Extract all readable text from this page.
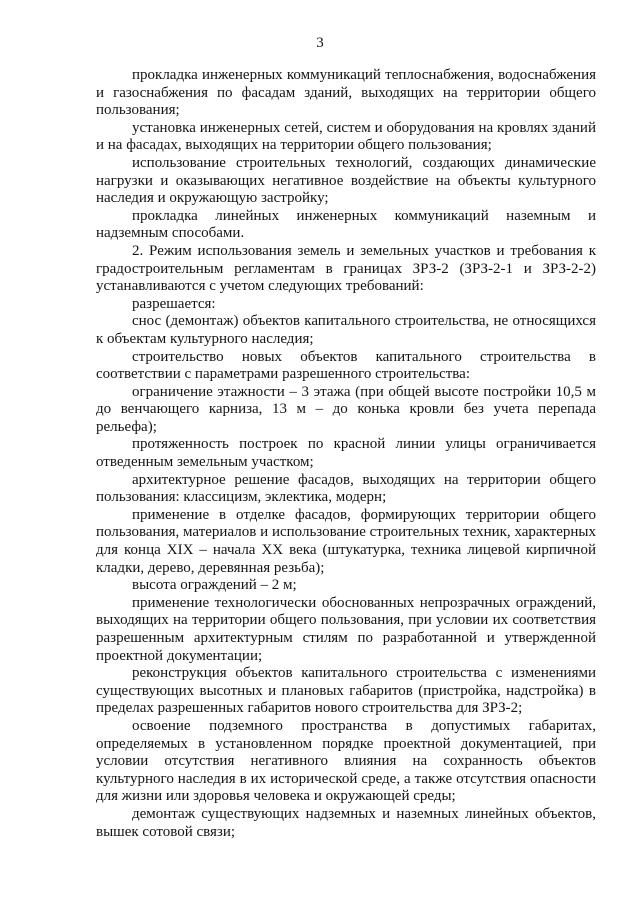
3

прокладка инженерных коммуникаций теплоснабжения, водоснабжения и газоснабжения по фасадам зданий, выходящих на территории общего пользования;

установка инженерных сетей, систем и оборудования на кровлях зданий и на фасадах, выходящих на территории общего пользования;

использование строительных технологий, создающих динамические нагрузки и оказывающих негативное воздействие на объекты культурного наследия и окружающую застройку;

прокладка линейных инженерных коммуникаций наземным и надземным способами.

2. Режим использования земель и земельных участков и требования к градостроительным регламентам в границах ЗРЗ-2 (ЗРЗ-2-1 и ЗРЗ-2-2) устанавливаются с учетом следующих требований:

разрешается:

снос (демонтаж) объектов капитального строительства, не относящихся к объектам культурного наследия;

строительство новых объектов капитального строительства в соответствии с параметрами разрешенного строительства:

ограничение этажности – 3 этажа (при общей высоте постройки 10,5 м до венчающего карниза, 13 м – до конька кровли без учета перепада рельефа);

протяженность построек по красной линии улицы ограничивается отведенным земельным участком;

архитектурное решение фасадов, выходящих на территории общего пользования: классицизм, эклектика, модерн;

применение в отделке фасадов, формирующих территории общего пользования, материалов и использование строительных техник, характерных для конца XIX – начала XX века (штукатурка, техника лицевой кирпичной кладки, дерево, деревянная резьба);

высота ограждений – 2 м;

применение технологически обоснованных непрозрачных ограждений, выходящих на территории общего пользования, при условии их соответствия разрешенным архитектурным стилям по разработанной и утвержденной проектной документации;

реконструкция объектов капитального строительства с изменениями существующих высотных и плановых габаритов (пристройка, надстройка) в пределах разрешенных габаритов нового строительства для ЗРЗ-2;

освоение подземного пространства в допустимых габаритах, определяемых в установленном порядке проектной документацией, при условии отсутствия негативного влияния на сохранность объектов культурного наследия в их исторической среде, а также отсутствия опасности для жизни или здоровья человека и окружающей среды;

демонтаж существующих надземных и наземных линейных объектов, вышек сотовой связи;
